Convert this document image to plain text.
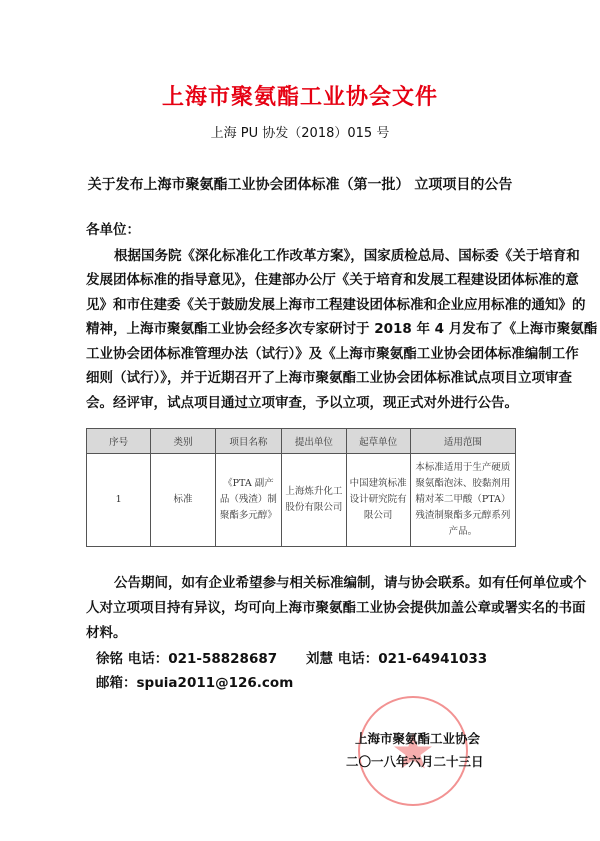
上海市聚氨酯工业协会文件
上海 PU 协发（2018）015 号
关于发布上海市聚氨酯工业协会团体标准（第一批） 立项项目的公告
各单位：
根据国务院《深化标准化工作改革方案》，国家质检总局、国标委《关于培育和
发展团体标准的指导意见》，住建部办公厅《关于培育和发展工程建设团体标准的意
见》和市住建委《关于鼓励发展上海市工程建设团体标准和企业应用标准的通知》的
精神，上海市聚氨酯工业协会经多次专家研讨于 2018 年 4 月发布了《上海市聚氨酯
工业协会团体标准管理办法（试行）》及《上海市聚氨酯工业协会团体标准编制工作
细则（试行）》，并于近期召开了上海市聚氨酯工业协会团体标准试点项目立项审查
会。经评审，试点项目通过立项审查，予以立项，现正式对外进行公告。
序号	类别	项目名称	提出单位	起草单位	适用范围
1	标准	《PTA 副产品（残渣）制聚酯多元醇》	上海炼升化工股份有限公司	中国建筑标准设计研究院有限公司	本标准适用于生产硬质聚氨酯泡沫、胶黏剂用精对苯二甲酸（PTA）残渣制聚酯多元醇系列产品。
公告期间，如有企业希望参与相关标准编制，请与协会联系。如有任何单位或个
人对立项项目持有异议，均可向上海市聚氨酯工业协会提供加盖公章或署实名的书面
材料。
徐铭 电话：021-58828687 刘慧 电话：021-64941033
邮箱：spuia2011@126.com
上海市聚氨酯工业协会
二〇一八年六月二十三日
